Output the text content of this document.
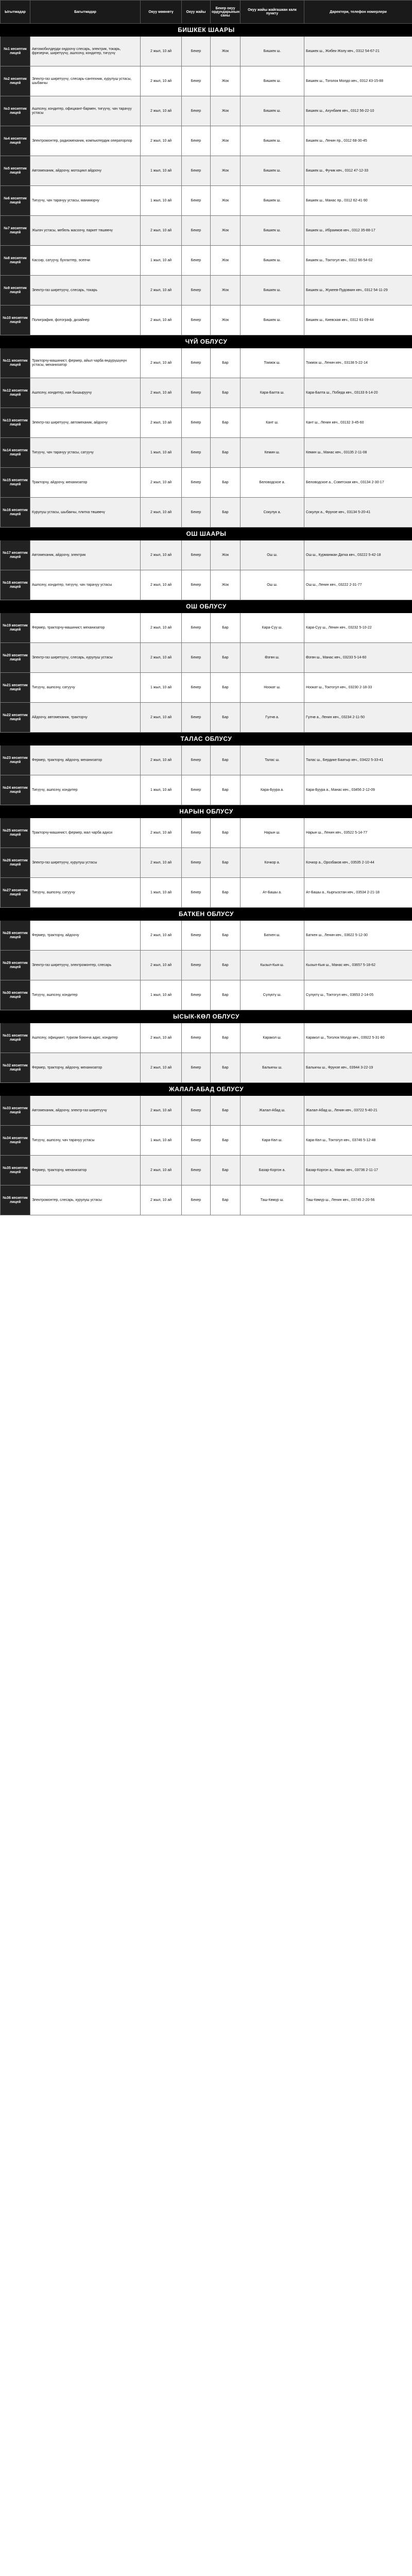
Ыгытмадар	Багытмадар	Окуу мөөнөтү	Окуу жайы	Бекер окуу ордундарынын саны	Окуу жайы жайгашкан калк пункту	Даректери, телефон номерлери
БИШКЕК ШААРЫ						
№1 кесиптик лицей	Автомобилдерди оңдоочу слесарь, электрик, токарь, фрезерчи, ширетүүчү, ашпозчу, кондитер, тигүүчү	2 жыл, 10 ай	Бекер	Жок	Бишкек ш.	Бишкек ш., Жибек-Жолу көч., 0312 54-67-21
№2 кесиптик лицей	Электр-газ ширетүүчү, слесарь-сантехник, курулуш устасы, шыбакчы	2 жыл, 10 ай	Бекер	Жок	Бишкек ш.	Бишкек ш., Тоголок Молдо көч., 0312 43-15-88
№3 кесиптик лицей	Ашпозчу, кондитер, официант-бармен, тигүүчү, чач тарачуу устасы	2 жыл, 10 ай	Бекер	Жок	Бишкек ш.	Бишкек ш., Ахунбаев көч., 0312 56-22-10
№4 кесиптик лицей	Электромонтер, радиомеханик, компьютердик операторлор	2 жыл, 10 ай	Бекер	Жок	Бишкек ш.	Бишкек ш., Ленин пр., 0312 68-30-45
№5 кесиптик лицей	Автомеханик, айдоочу, мотоцикл айдоочу	1 жыл, 10 ай	Бекер	Жок	Бишкек ш.	Бишкек ш., Фучик көч., 0312 47-12-33
№6 кесиптик лицей	Тигүүчү, чач тарачуу устасы, маникюрчу	1 жыл, 10 ай	Бекер	Жок	Бишкек ш.	Бишкек ш., Манас пр., 0312 62-41-90
№7 кесиптик лицей	Жыгач устасы, мебель жасоочу, паркет төшөөчү	2 жыл, 10 ай	Бекер	Жок	Бишкек ш.	Бишкек ш., Ибраимов көч., 0312 35-88-17
№8 кесиптик лицей	Кассир, сатуучу, бухгалтер, эсепчи	1 жыл, 10 ай	Бекер	Жок	Бишкек ш.	Бишкек ш., Токтогул көч., 0312 66-54-02
№9 кесиптик лицей	Электр-газ ширетүүчү, слесарь, токарь	2 жыл, 10 ай	Бекер	Жок	Бишкек ш.	Бишкек ш., Жукеев-Пудовкин көч., 0312 54-11-29
№10 кесиптик лицей	Полиграфия, фотограф, дизайнер	2 жыл, 10 ай	Бекер	Жок	Бишкек ш.	Бишкек ш., Киевская көч., 0312 61-09-44
ЧҮЙ ОБЛУСУ						
№11 кесиптик лицей	Тракторчу-машинист, фермер, айыл чарба өндүрүшүнүн устасы, механизатор	2 жыл, 10 ай	Бекер	Бар	Токмок ш.	Токмок ш., Ленин көч., 03138 5-22-14
№12 кесиптик лицей	Ашпозчу, кондитер, нан бышыруучу	2 жыл, 10 ай	Бекер	Бар	Кара-Балта ш.	Кара-Балта ш., Победа көч., 03133 6-14-20
№13 кесиптик лицей	Электр-газ ширетүүчү, автомеханик, айдоочу	2 жыл, 10 ай	Бекер	Бар	Кант ш.	Кант ш., Ленин көч., 03132 3-45-60
№14 кесиптик лицей	Тигүүчү, чач тарачуу устасы, сатуучу	1 жыл, 10 ай	Бекер	Бар	Кемин ш.	Кемин ш., Манас көч., 03135 2-11-08
№15 кесиптик лицей	Тракторчу, айдоочу, механизатор	2 жыл, 10 ай	Бекер	Бар	Беловодское а.	Беловодское а., Советская көч., 03134 2-30-17
№16 кесиптик лицей	Курулуш устасы, шыбакчы, плитка төшөөчү	2 жыл, 10 ай	Бекер	Бар	Сокулук а.	Сокулук а., Фрунзе көч., 03134 5-20-41
ОШ ШААРЫ						
№17 кесиптик лицей	Автомеханик, айдоочу, электрик	2 жыл, 10 ай	Бекер	Жок	Ош ш.	Ош ш., Курманжан Датка көч., 03222 5-42-18
№18 кесиптик лицей	Ашпозчу, кондитер, тигүүчү, чач тарачуу устасы	2 жыл, 10 ай	Бекер	Жок	Ош ш.	Ош ш., Ленин көч., 03222 2-31-77
ОШ ОБЛУСУ						
№19 кесиптик лицей	Фермер, тракторчу-машинист, механизатор	2 жыл, 10 ай	Бекер	Бар	Кара-Суу ш.	Кара-Суу ш., Ленин көч., 03232 5-10-22
№20 кесиптик лицей	Электр-газ ширетүүчү, слесарь, курулуш устасы	2 жыл, 10 ай	Бекер	Бар	Өзгөн ш.	Өзгөн ш., Манас көч., 03233 5-14-60
№21 кесиптик лицей	Тигүүчү, ашпозчу, сатуучу	1 жыл, 10 ай	Бекер	Бар	Ноокат ш.	Ноокат ш., Токтогул көч., 03230 2-18-33
№22 кесиптик лицей	Айдоочу, автомеханик, тракторчу	2 жыл, 10 ай	Бекер	Бар	Гүлчө а.	Гүлчө а., Ленин көч., 03234 2-11-50
ТАЛАС ОБЛУСУ						
№23 кесиптик лицей	Фермер, тракторчу, айдоочу, механизатор	2 жыл, 10 ай	Бекер	Бар	Талас ш.	Талас ш., Бердике Баатыр көч., 03422 5-33-41
№24 кесиптик лицей	Тигүүчү, ашпозчу, кондитер	1 жыл, 10 ай	Бекер	Бар	Кара-Буура а.	Кара-Буура а., Манас көч., 03456 2-12-09
НАРЫН ОБЛУСУ						
№25 кесиптик лицей	Тракторчу-машинист, фермер, мал чарба адиси	2 жыл, 10 ай	Бекер	Бар	Нарын ш.	Нарын ш., Ленин көч., 03522 5-14-77
№26 кесиптик лицей	Электр-газ ширетүүчү, курулуш устасы	2 жыл, 10 ай	Бекер	Бар	Кочкор а.	Кочкор а., Орозбаков көч., 03535 2-10-44
№27 кесиптик лицей	Тигүүчү, ашпозчу, сатуучу	1 жыл, 10 ай	Бекер	Бар	Ат-Башы а.	Ат-Башы а., Кыргызстан көч., 03534 2-21-18
БАТКЕН ОБЛУСУ						
№28 кесиптик лицей	Фермер, тракторчу, айдоочу	2 жыл, 10 ай	Бекер	Бар	Баткен ш.	Баткен ш., Ленин көч., 03622 5-12-30
№29 кесиптик лицей	Электр-газ ширетүүчү, электромонтер, слесарь	2 жыл, 10 ай	Бекер	Бар	Кызыл-Кыя ш.	Кызыл-Кыя ш., Манас көч., 03657 5-18-62
№30 кесиптик лицей	Тигүүчү, ашпозчу, кондитер	1 жыл, 10 ай	Бекер	Бар	Сүлүктү ш.	Сүлүктү ш., Токтогул көч., 03653 2-14-05
ЫСЫК-КӨЛ ОБЛУСУ						
№31 кесиптик лицей	Ашпозчу, официант, туризм боюнча адис, кондитер	2 жыл, 10 ай	Бекер	Бар	Каракол ш.	Каракол ш., Тоголок Молдо көч., 03922 5-31-80
№32 кесиптик лицей	Фермер, тракторчу, айдоочу, механизатор	2 жыл, 10 ай	Бекер	Бар	Балыкчы ш.	Балыкчы ш., Фрунзе көч., 03944 3-22-19
ЖАЛАЛ-АБАД ОБЛУСУ						
№33 кесиптик лицей	Автомеханик, айдоочу, электр-газ ширетүүчү	2 жыл, 10 ай	Бекер	Бар	Жалал-Абад ш.	Жалал-Абад ш., Ленин көч., 03722 5-40-21
№34 кесиптик лицей	Тигүүчү, ашпозчу, чач тарачуу устасы	1 жыл, 10 ай	Бекер	Бар	Кара-Көл ш.	Кара-Көл ш., Токтогул көч., 03746 5-12-48
№35 кесиптик лицей	Фермер, тракторчу, механизатор	2 жыл, 10 ай	Бекер	Бар	Базар-Коргон а.	Базар-Коргон а., Манас көч., 03736 2-11-17
№36 кесиптик лицей	Электромонтер, слесарь, курулуш устасы	2 жыл, 10 ай	Бекер	Бар	Таш-Көмүр ш.	Таш-Көмүр ш., Ленин көч., 03745 2-20-56
